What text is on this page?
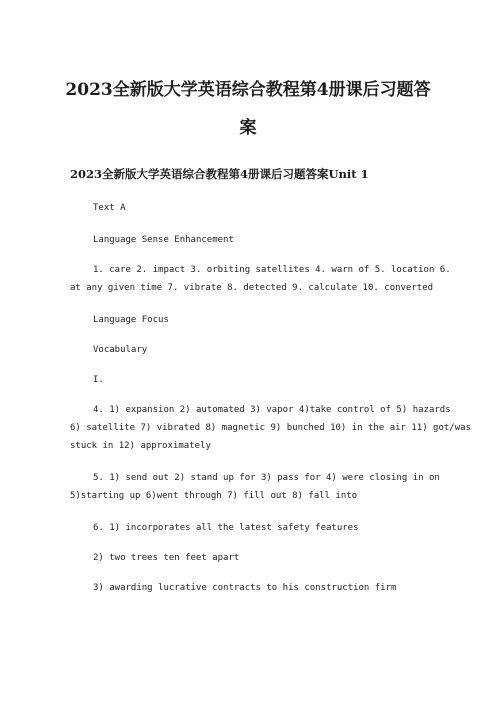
2023全新版大学英语综合教程第4册课后习题答
案
2023全新版大学英语综合教程第4册课后习题答案Unit 1
Text A
Language Sense Enhancement
1. care 2. impact 3. orbiting satellites 4. warn of 5. location 6.
at any given time 7. vibrate 8. detected 9. calculate 10. converted
Language Focus
Vocabulary
I.
4. 1) expansion 2) automated 3) vapor 4)take control of 5) hazards
6) satellite 7) vibrated 8) magnetic 9) bunched 10) in the air 11) got/was
stuck in 12) approximately
5. 1) send out 2) stand up for 3) pass for 4) were closing in on
5)starting up 6)went through 7) fill out 8) fall into
6. 1) incorporates all the latest safety features
2) two trees ten feet apart
3) awarding lucrative contracts to his construction firm
